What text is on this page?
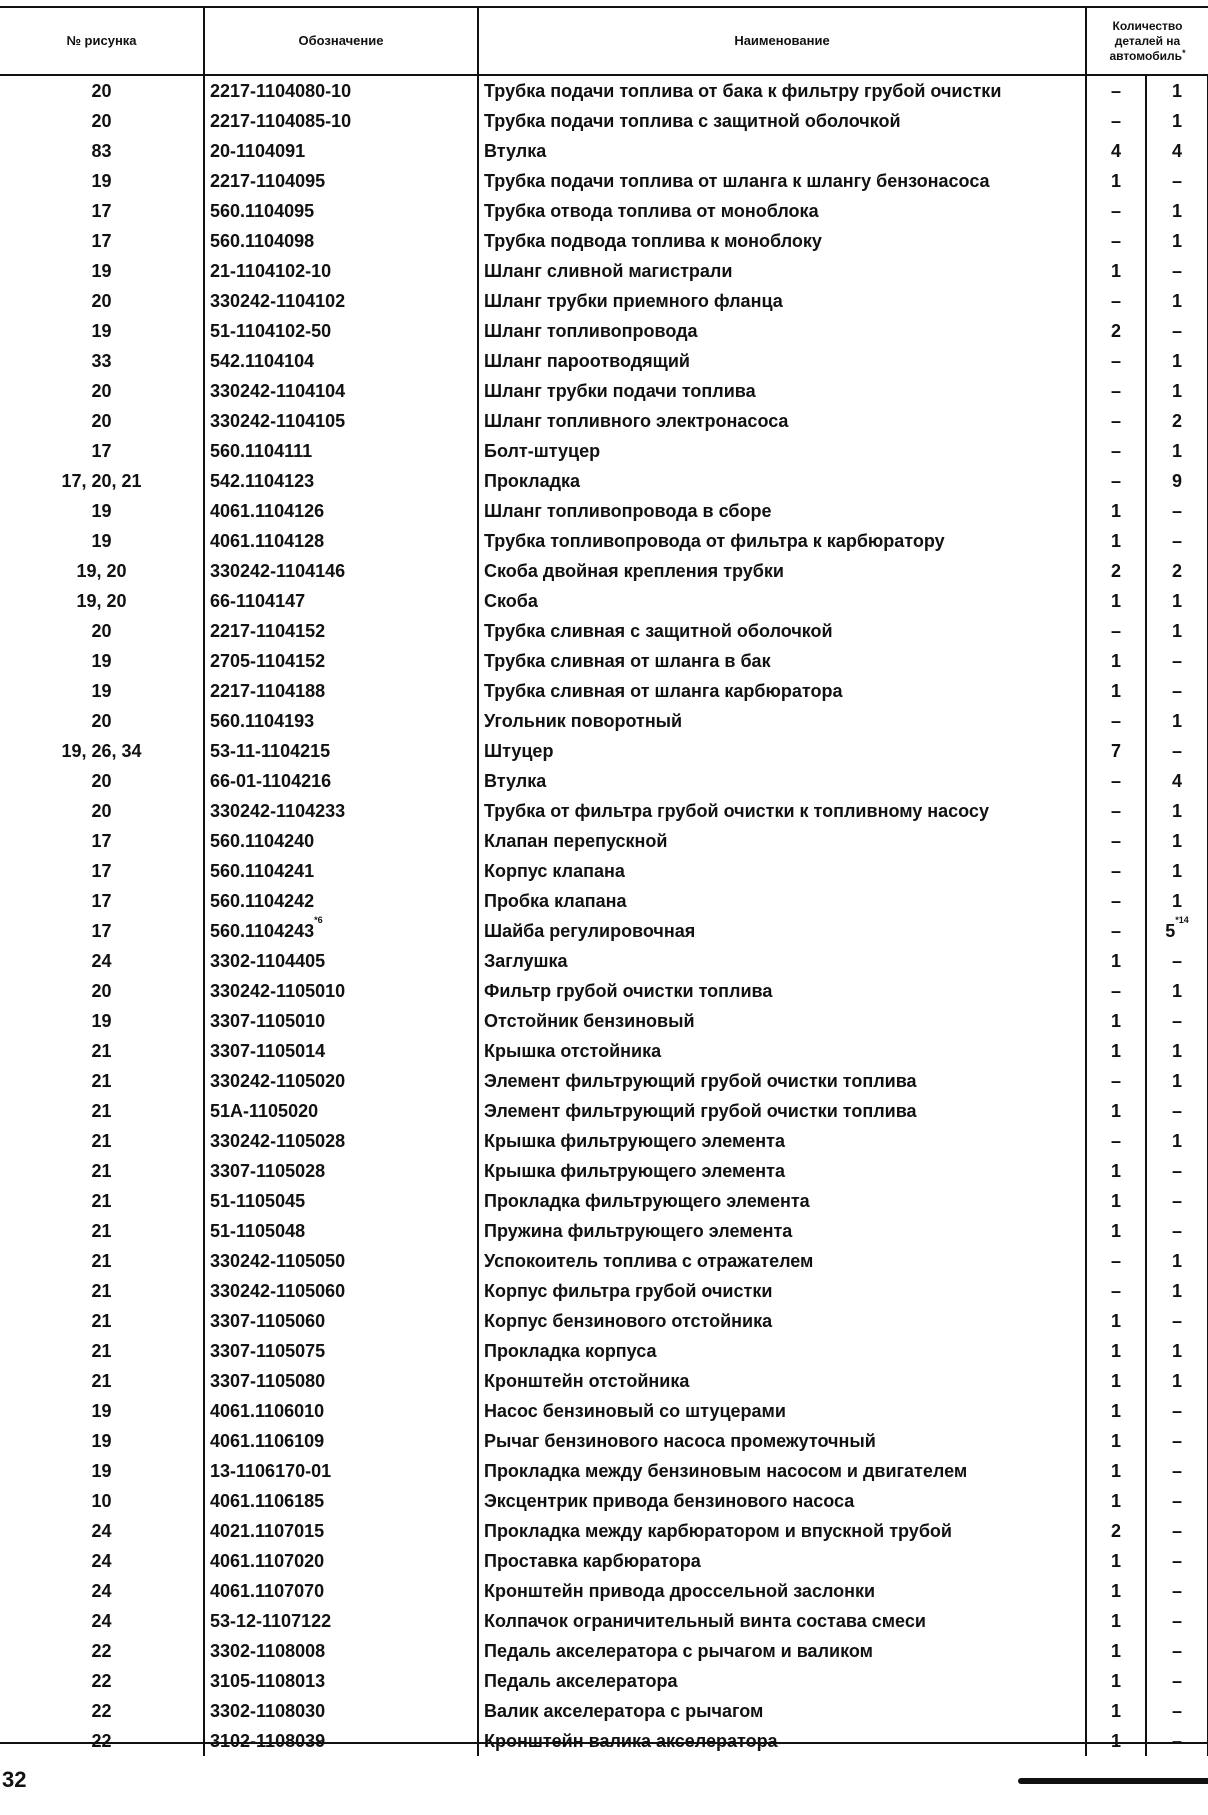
№ рисунка	Обозначение	Наименование	Количество
деталей на
автомобиль*
20	2217-1104080-10	Трубка подачи топлива от бака к фильтру грубой очистки	–	1
20	2217-1104085-10	Трубка подачи топлива с защитной оболочкой	–	1
83	20-1104091	Втулка	4	4
19	2217-1104095	Трубка подачи топлива от шланга к шлангу бензонасоса	1	–
17	560.1104095	Трубка отвода топлива от моноблока	–	1
17	560.1104098	Трубка подвода топлива к моноблоку	–	1
19	21-1104102-10	Шланг сливной магистрали	1	–
20	330242-1104102	Шланг трубки приемного фланца	–	1
19	51-1104102-50	Шланг топливопровода	2	–
33	542.1104104	Шланг пароотводящий	–	1
20	330242-1104104	Шланг трубки подачи топлива	–	1
20	330242-1104105	Шланг топливного электронасоса	–	2
17	560.1104111	Болт-штуцер	–	1
17, 20, 21	542.1104123	Прокладка	–	9
19	4061.1104126	Шланг топливопровода в сборе	1	–
19	4061.1104128	Трубка топливопровода от фильтра к карбюратору	1	–
19, 20	330242-1104146	Скоба двойная крепления трубки	2	2
19, 20	66-1104147	Скоба	1	1
20	2217-1104152	Трубка сливная с защитной оболочкой	–	1
19	2705-1104152	Трубка сливная от шланга в бак	1	–
19	2217-1104188	Трубка сливная от шланга карбюратора	1	–
20	560.1104193	Угольник поворотный	–	1
19, 26, 34	53-11-1104215	Штуцер	7	–
20	66-01-1104216	Втулка	–	4
20	330242-1104233	Трубка от фильтра грубой очистки к топливному насосу	–	1
17	560.1104240	Клапан перепускной	–	1
17	560.1104241	Корпус клапана	–	1
17	560.1104242	Пробка клапана	–	1
17	560.1104243$^{*6}$	Шайба регулировочная	–	5$^{*14}$
24	3302-1104405	Заглушка	1	–
20	330242-1105010	Фильтр грубой очистки топлива	–	1
19	3307-1105010	Отстойник бензиновый	1	–
21	3307-1105014	Крышка отстойника	1	1
21	330242-1105020	Элемент фильтрующий грубой очистки топлива	–	1
21	51А-1105020	Элемент фильтрующий грубой очистки топлива	1	–
21	330242-1105028	Крышка фильтрующего элемента	–	1
21	3307-1105028	Крышка фильтрующего элемента	1	–
21	51-1105045	Прокладка фильтрующего элемента	1	–
21	51-1105048	Пружина фильтрующего элемента	1	–
21	330242-1105050	Успокоитель топлива с отражателем	–	1
21	330242-1105060	Корпус фильтра грубой очистки	–	1
21	3307-1105060	Корпус бензинового отстойника	1	–
21	3307-1105075	Прокладка корпуса	1	1
21	3307-1105080	Кронштейн отстойника	1	1
19	4061.1106010	Насос бензиновый со штуцерами	1	–
19	4061.1106109	Рычаг бензинового насоса промежуточный	1	–
19	13-1106170-01	Прокладка между бензиновым насосом и двигателем	1	–
10	4061.1106185	Эксцентрик привода бензинового насоса	1	–
24	4021.1107015	Прокладка между карбюратором и впускной трубой	2	–
24	4061.1107020	Проставка карбюратора	1	–
24	4061.1107070	Кронштейн привода дроссельной заслонки	1	–
24	53-12-1107122	Колпачок ограничительный винта состава смеси	1	–
22	3302-1108008	Педаль акселератора с рычагом и валиком	1	–
22	3105-1108013	Педаль акселератора	1	–
22	3302-1108030	Валик акселератора с рычагом	1	–
22	3102-1108039	Кронштейн валика акселератора	1	–
32
